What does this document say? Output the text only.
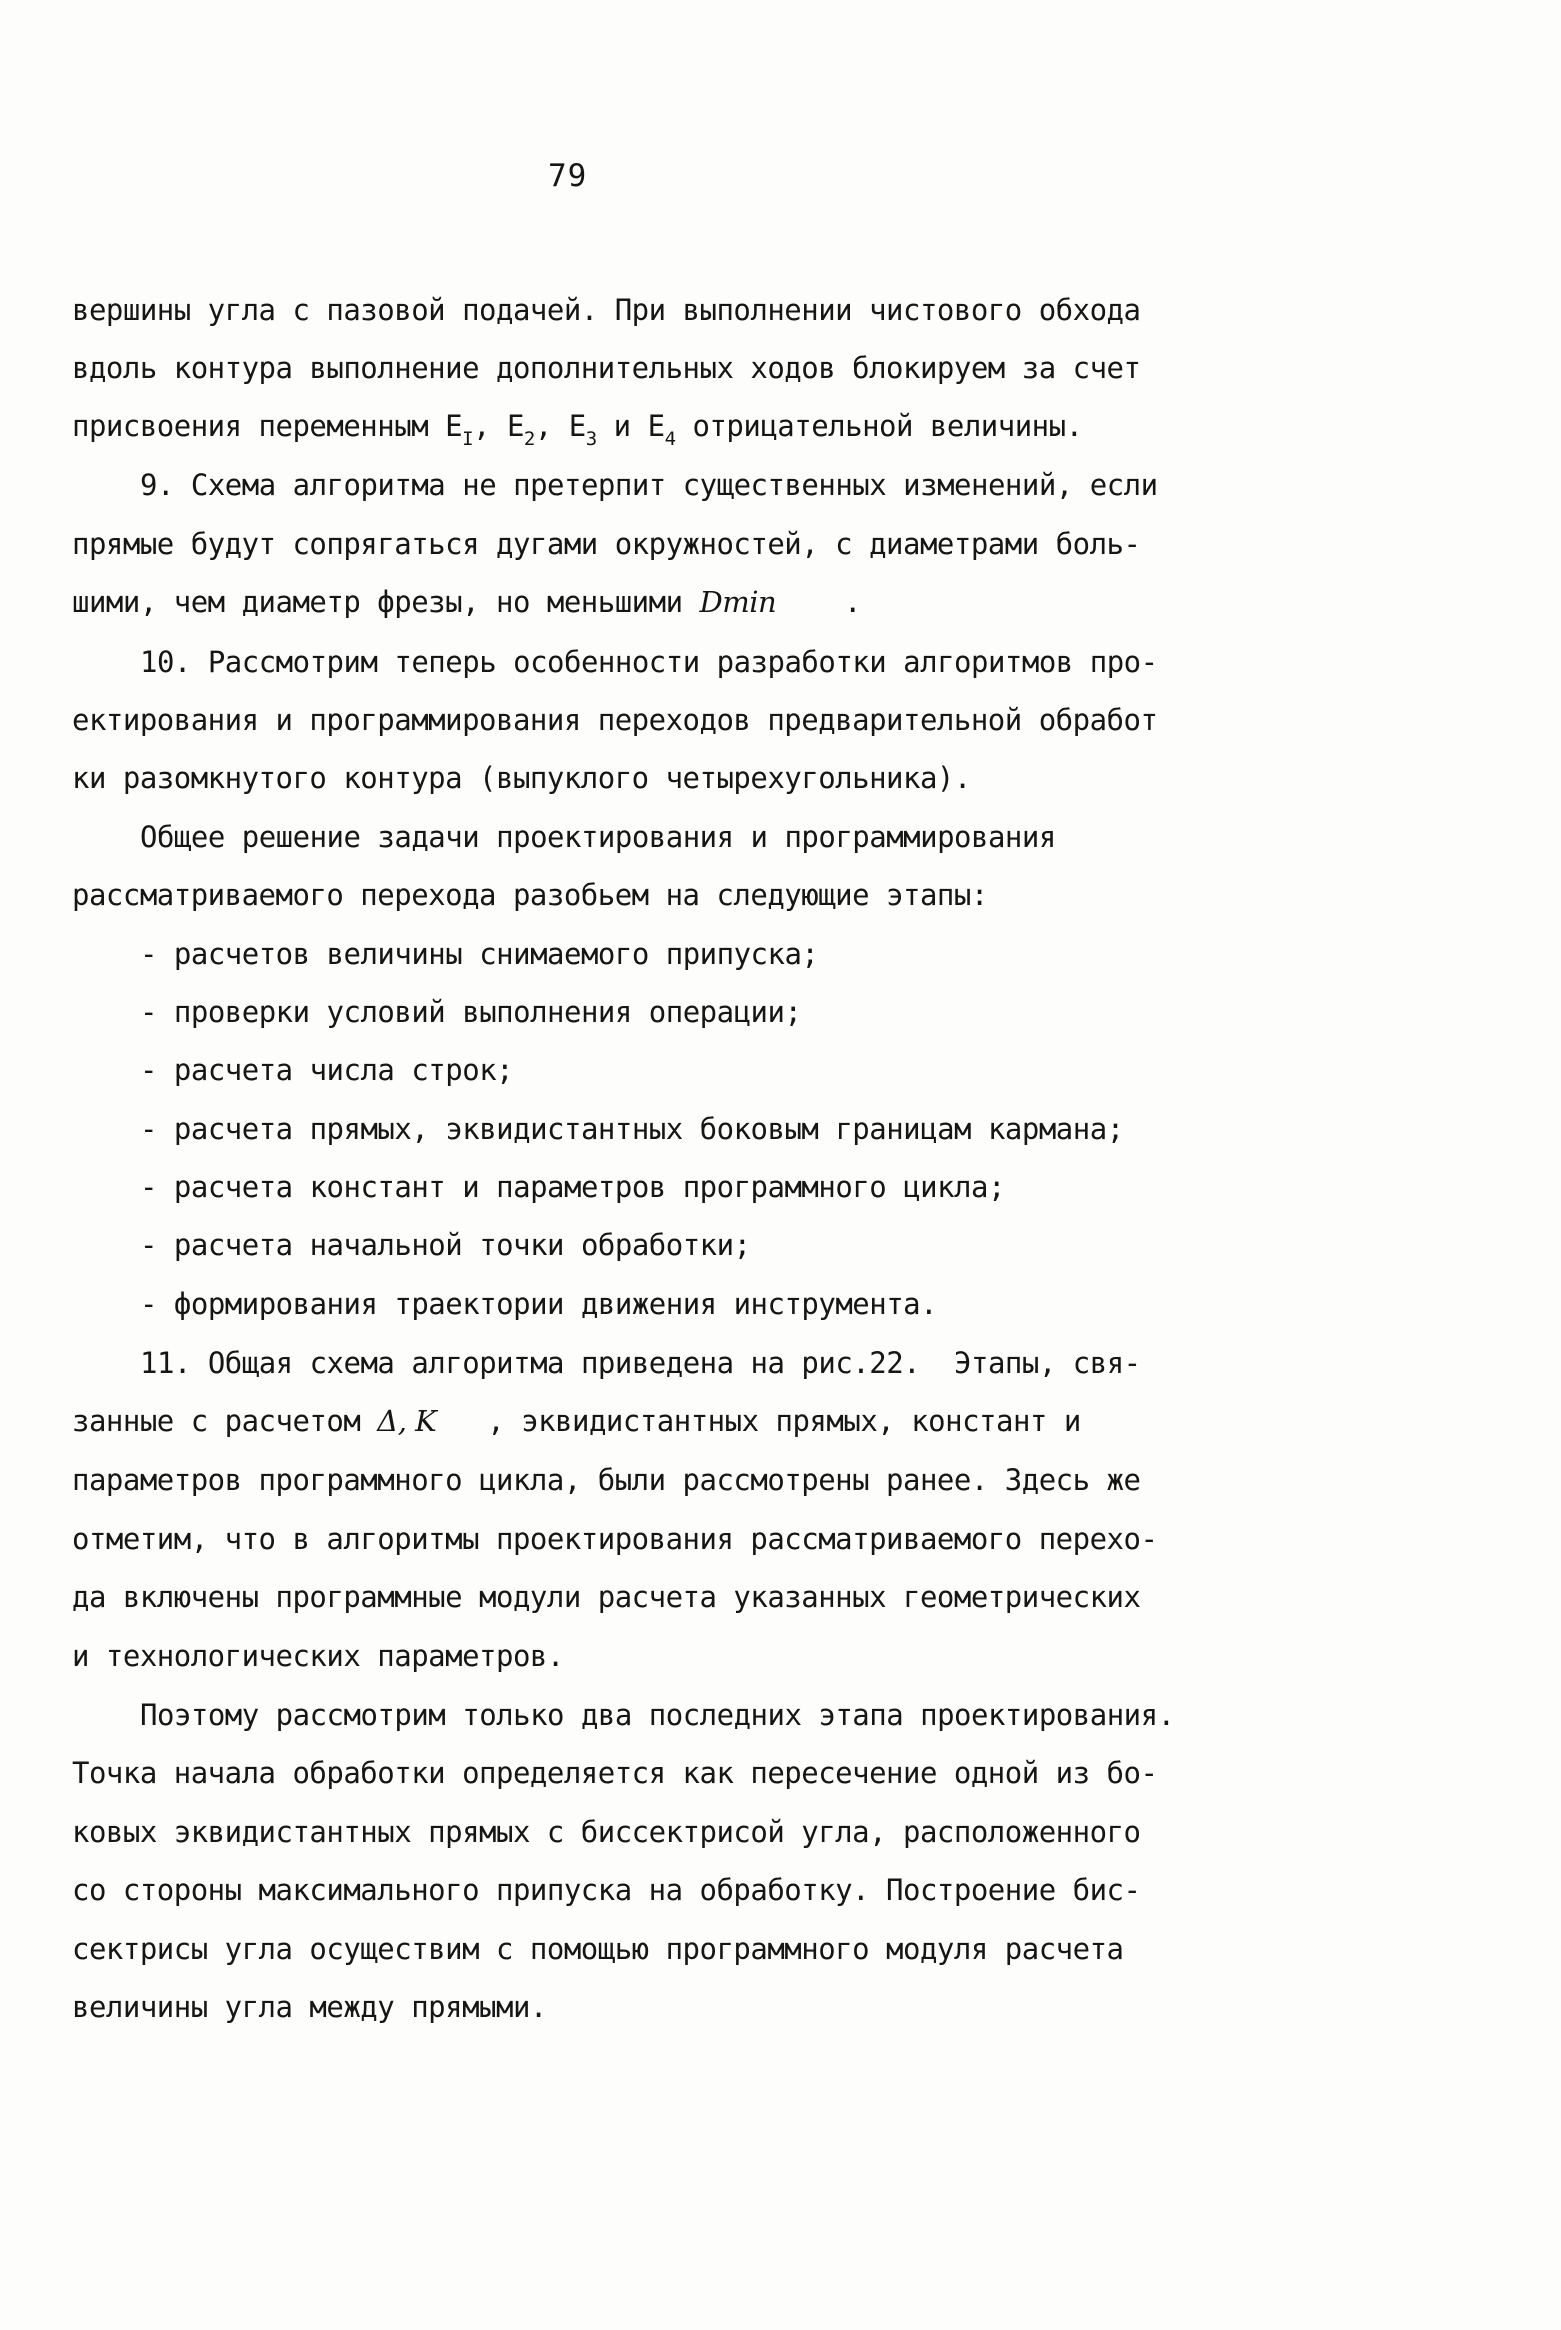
79
вершины угла с пазовой подачей. При выполнении чистового обхода
вдоль контура выполнение дополнительных ходов блокируем за счет
присвоения переменным $E_I$, $E_2$, $E_3$ и $E_4$ отрицательной величины.
9. Схема алгоритма не претерпит существенных изменений, если
прямые будут сопрягаться дугами окружностей, с диаметрами боль-
шими, чем диаметр фрезы, но меньшими Dmin    .
10. Рассмотрим теперь особенности разработки алгоритмов про-
ектирования и программирования переходов предварительной обработ
ки разомкнутого контура (выпуклого четырехугольника).
Общее решение задачи проектирования и программирования
рассматриваемого перехода разобьем на следующие этапы:
- расчетов величины снимаемого припуска;
- проверки условий выполнения операции;
- расчета числа строк;
- расчета прямых, эквидистантных боковым границам кармана;
- расчета констант и параметров программного цикла;
- расчета начальной точки обработки;
- формирования траектории движения инструмента.
11. Общая схема алгоритма приведена на рис.22.  Этапы, свя-
занные с расчетом Δ, K   , эквидистантных прямых, констант и
параметров программного цикла, были рассмотрены ранее. Здесь же
отметим, что в алгоритмы проектирования рассматриваемого перехо-
да включены программные модули расчета указанных геометрических
и технологических параметров.
Поэтому рассмотрим только два последних этапа проектирования.
Точка начала обработки определяется как пересечение одной из бо-
ковых эквидистантных прямых с биссектрисой угла, расположенного
со стороны максимального припуска на обработку. Построение бис-
сектрисы угла осуществим с помощью программного модуля расчета
величины угла между прямыми.
